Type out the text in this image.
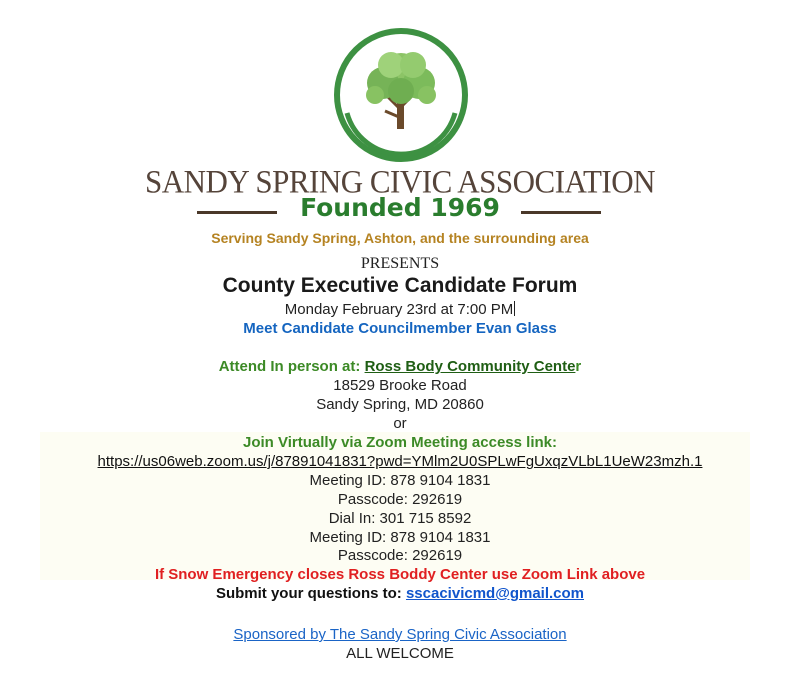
SANDY SPRING CIVIC ASSOCIATION
Founded 1969
Serving Sandy Spring, Ashton, and the surrounding area
PRESENTS
County Executive Candidate Forum
Monday February 23rd at 7:00 PM
Meet Candidate Councilmember Evan Glass
Attend In person at: Ross Body Community Center
18529 Brooke Road
Sandy Spring, MD 20860
or
Join Virtually via Zoom Meeting access link:
https://us06web.zoom.us/j/87891041831?pwd=YMlm2U0SPLwFgUxqzVLbL1UeW23mzh.1
Meeting ID: 878 9104 1831
Passcode: 292619
Dial In: 301 715 8592
Meeting ID: 878 9104 1831
Passcode: 292619
If Snow Emergency closes Ross Boddy Center use Zoom Link above
Submit your questions to: sscacivicmd@gmail.com
Sponsored by The Sandy Spring Civic Association
ALL WELCOME
